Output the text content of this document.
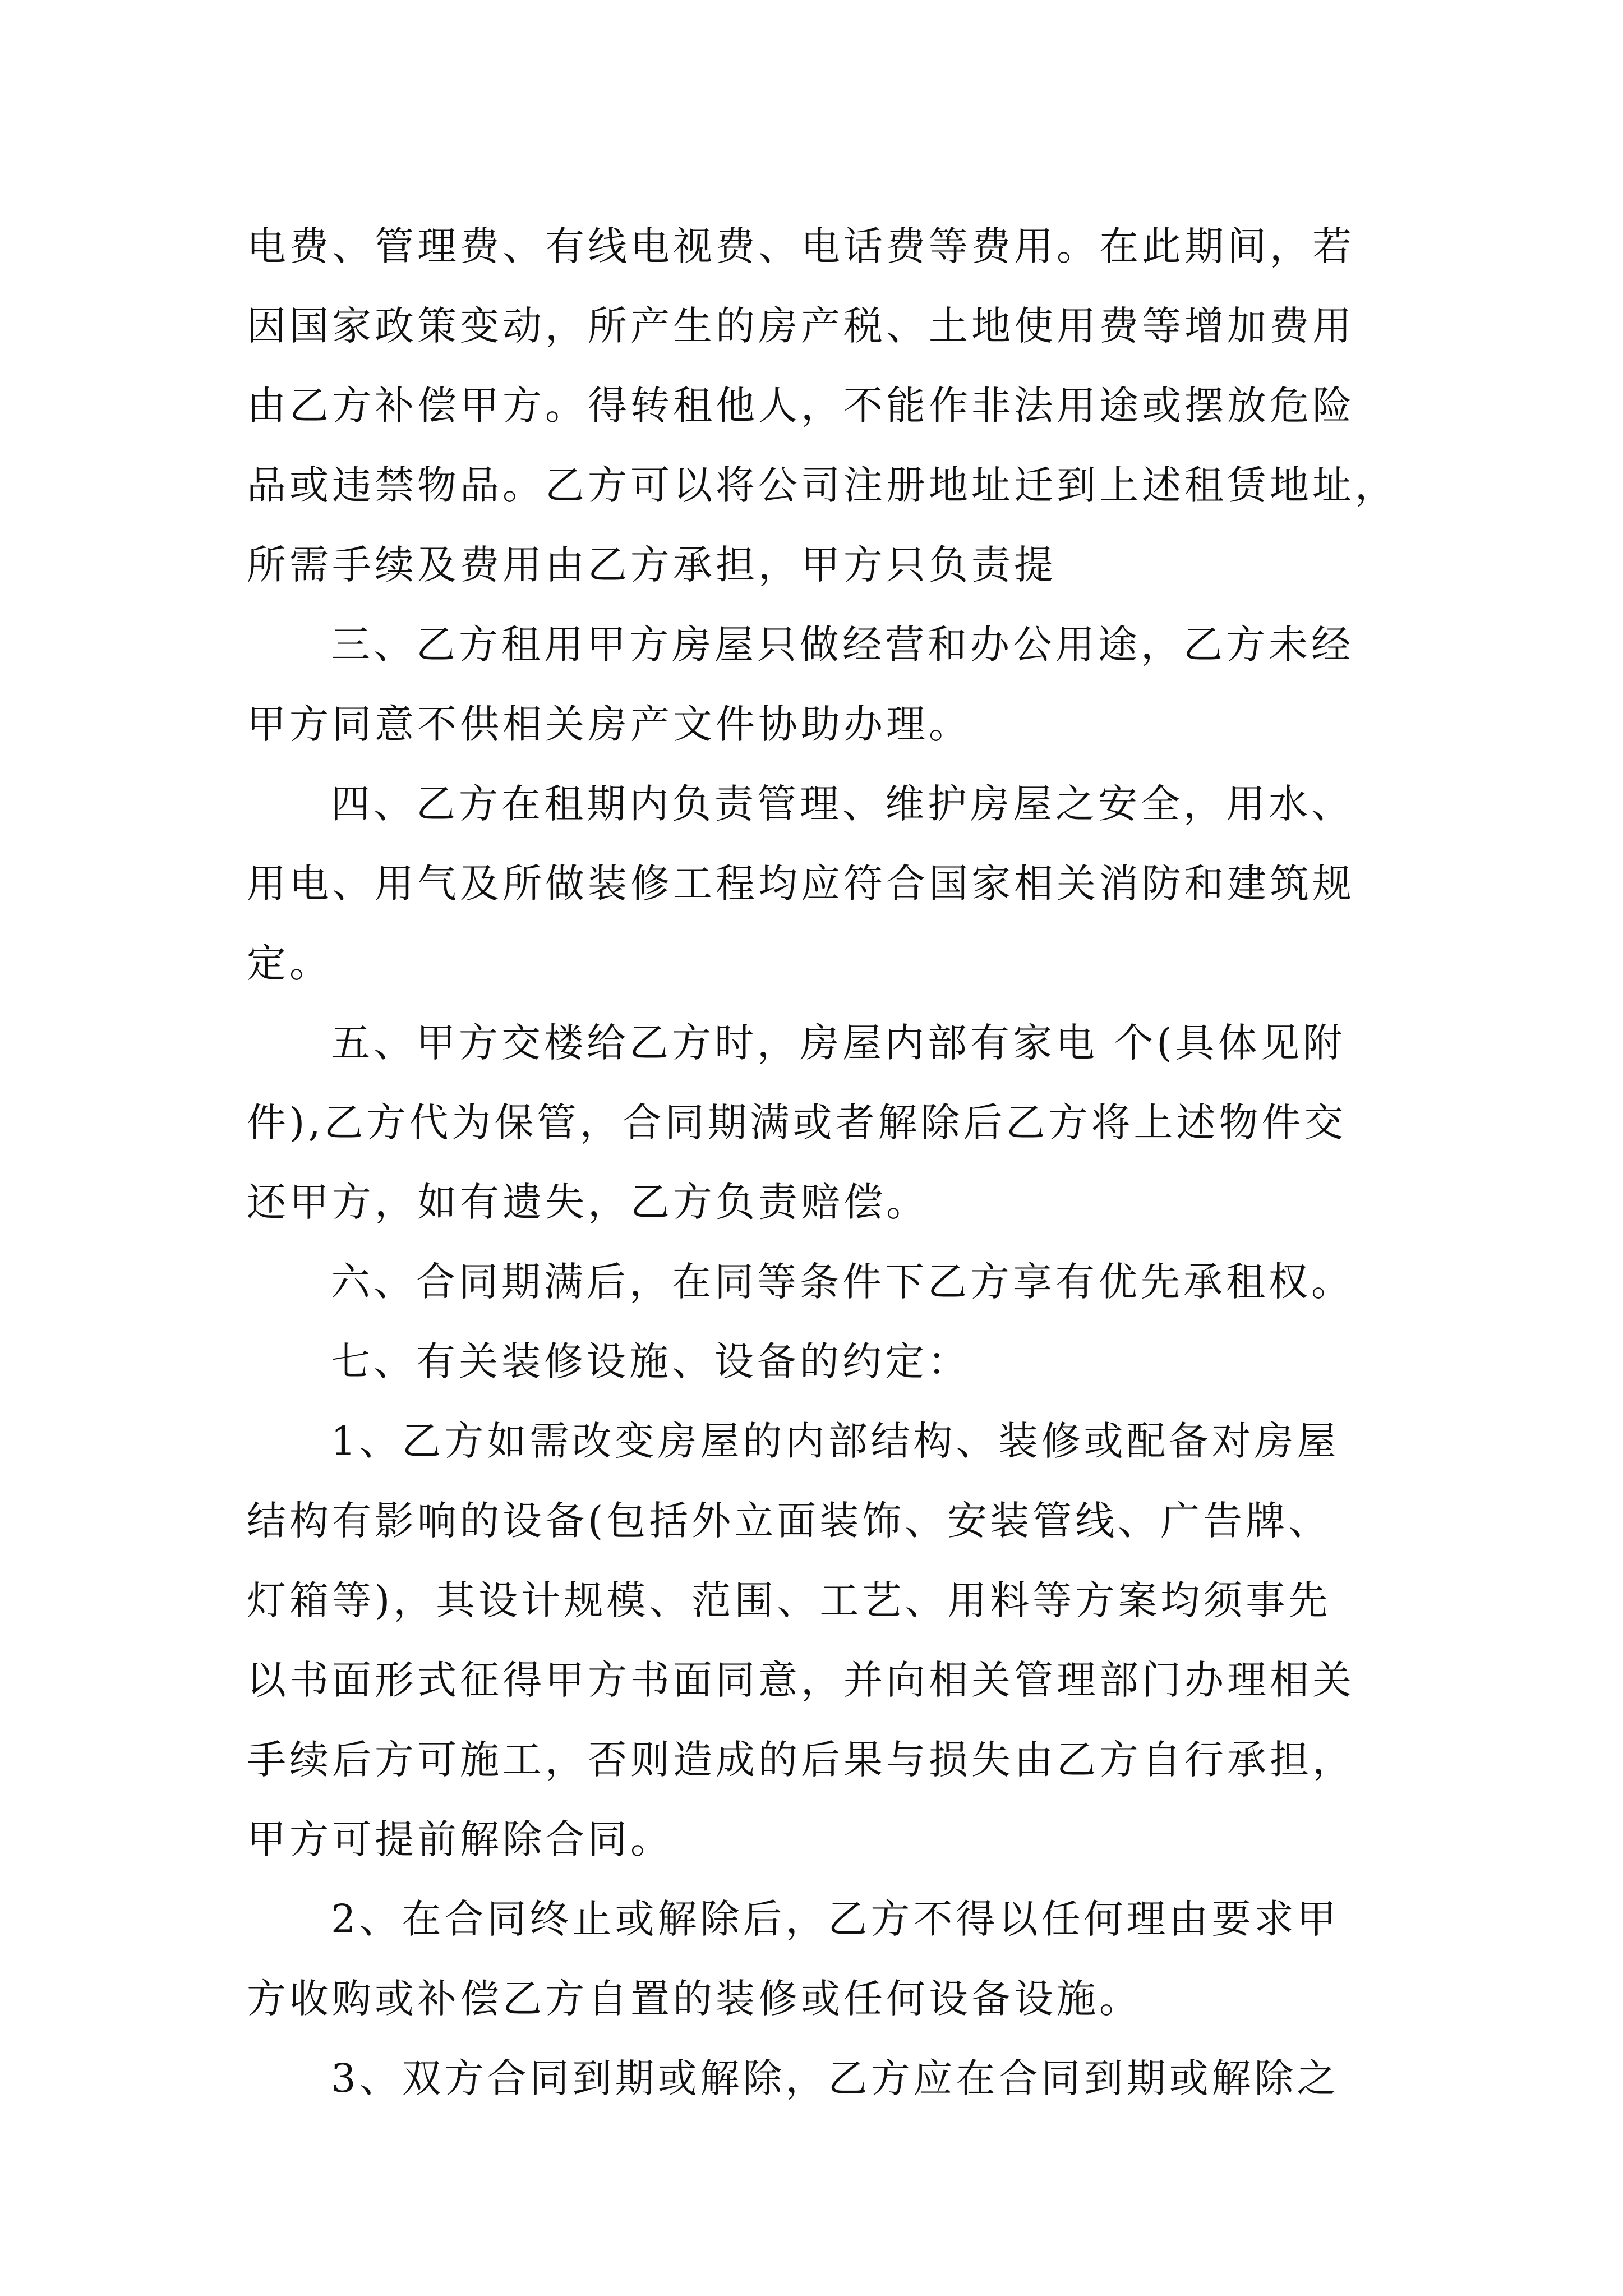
电费、管理费、有线电视费、电话费等费用。在此期间，若
因国家政策变动，所产生的房产税、土地使用费等增加费用
由乙方补偿甲方。得转租他人，不能作非法用途或摆放危险
品或违禁物品。乙方可以将公司注册地址迁到上述租赁地址，
所需手续及费用由乙方承担，甲方只负责提
三、乙方租用甲方房屋只做经营和办公用途，乙方未经
甲方同意不供相关房产文件协助办理。
四、乙方在租期内负责管理、维护房屋之安全，用水、
用电、用气及所做装修工程均应符合国家相关消防和建筑规
定。
五、甲方交楼给乙方时，房屋内部有家电 个(具体见附
件),乙方代为保管，合同期满或者解除后乙方将上述物件交
还甲方，如有遗失，乙方负责赔偿。
六、合同期满后，在同等条件下乙方享有优先承租权。
七、有关装修设施、设备的约定：
1、乙方如需改变房屋的内部结构、装修或配备对房屋
结构有影响的设备(包括外立面装饰、安装管线、广告牌、
灯箱等)，其设计规模、范围、工艺、用料等方案均须事先
以书面形式征得甲方书面同意，并向相关管理部门办理相关
手续后方可施工，否则造成的后果与损失由乙方自行承担，
甲方可提前解除合同。
2、在合同终止或解除后，乙方不得以任何理由要求甲
方收购或补偿乙方自置的装修或任何设备设施。
3、双方合同到期或解除，乙方应在合同到期或解除之
